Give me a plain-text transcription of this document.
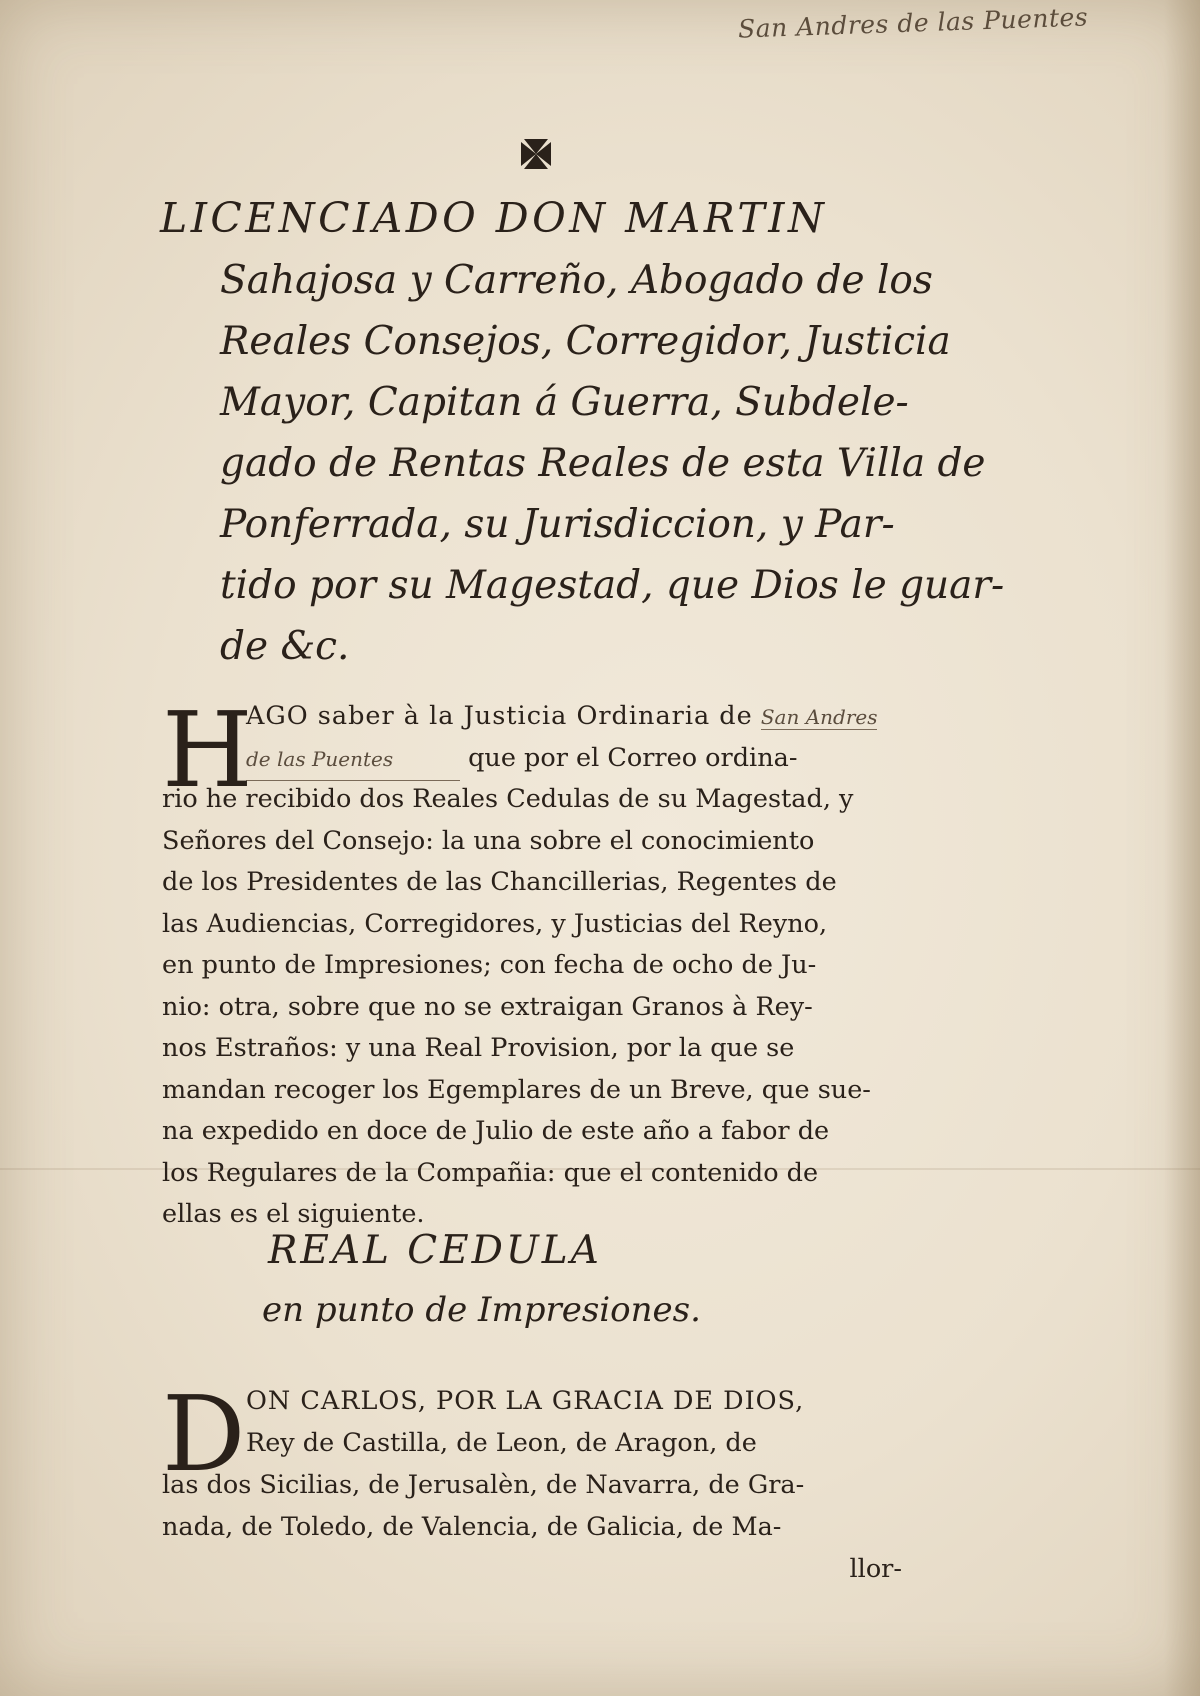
San Andres de las Puentes
LICENCIADO DON MARTIN
Sahajosa y Carreño, Abogado de los
Reales Consejos, Corregidor, Justicia
Mayor, Capitan á Guerra, Subdele-
gado de Rentas Reales de esta Villa de
Ponferrada, su Jurisdiccion, y Par-
tido por su Magestad, que Dios le guar-
de &c.
H
AGO saber à la Justicia Ordinaria de San Andres
de las Puentes	que por el Correo ordina-
rio he recibido dos Reales Cedulas de su Magestad, y
Señores del Consejo: la una sobre el conocimiento
de los Presidentes de las Chancillerias, Regentes de
las Audiencias, Corregidores, y Justicias del Reyno,
en punto de Impresiones; con fecha de ocho de Ju-
nio: otra, sobre que no se extraigan Granos à Rey-
nos Estraños: y una Real Provision, por la que se
mandan recoger los Egemplares de un Breve, que sue-
na expedido en doce de Julio de este año a fabor de
los Regulares de la Compañia: que el contenido de
ellas es el siguiente.
REAL CEDULA
en punto de Impresiones.
D ON CARLOS, POR LA GRACIA DE DIOS,
Rey de Castilla, de Leon, de Aragon, de
las dos Sicilias, de Jerusalèn, de Navarra, de Gra-
nada, de Toledo, de Valencia, de Galicia, de Ma-
llor-
